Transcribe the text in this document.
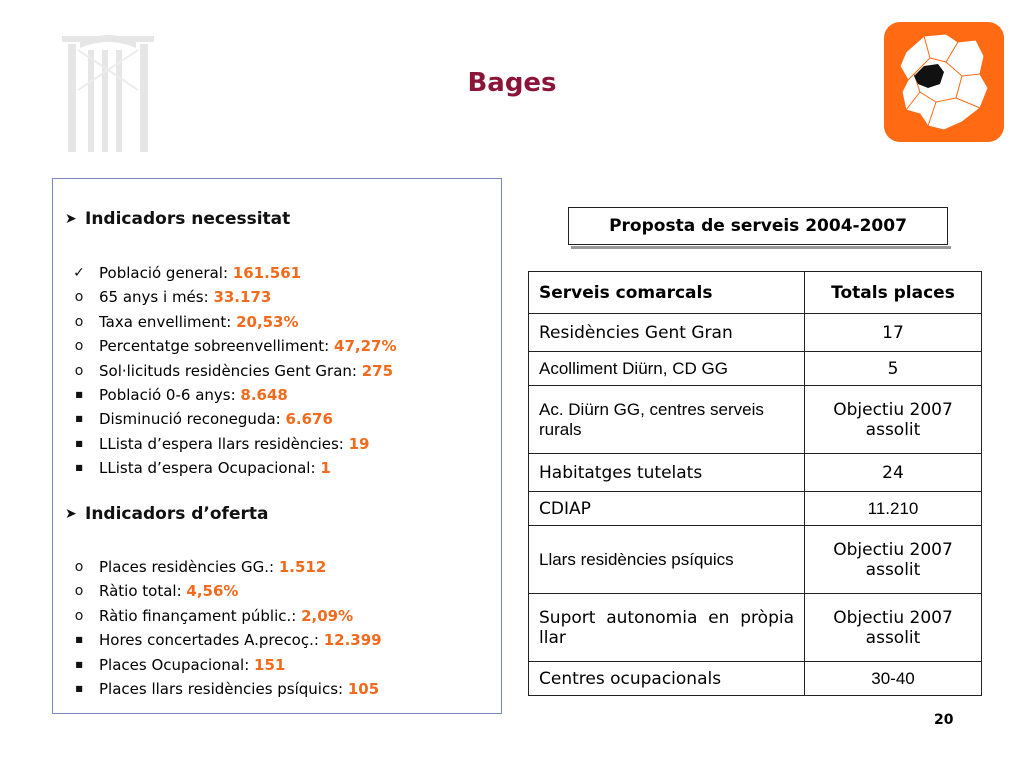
Bages
➤ Indicadors necessitat
✓ Població general: 161.561
o	65 anys i més: 33.173
o	Taxa envelliment: 20,53%
o	Percentatge sobreenvelliment: 47,27%
o	Sol·licituds residències Gent Gran: 275
■	Població 0-6 anys: 8.648
■	Disminució reconeguda: 6.676
■	LLista d’espera llars residències: 19
■	LLista d’espera Ocupacional: 1
➤ Indicadors d’oferta
o	Places residències GG.: 1.512
o	Ràtio total: 4,56%
o	Ràtio finançament públic.: 2,09%
■	Hores concertades A.precoç.: 12.399
■	Places Ocupacional: 151
■	Places llars residències psíquics: 105
Proposta de serveis 2004-2007
Serveis comarcals	Totals places
Residències Gent Gran	17
Acolliment Diürn, CD GG	5
Ac. Diürn GG, centres serveis rurals	Objectiu 2007 assolit
Habitatges tutelats	24
CDIAP	11.210
Llars residències psíquics	Objectiu 2007 assolit
Suport autonomia en pròpia llar	Objectiu 2007 assolit
Centres ocupacionals	30-40
20
